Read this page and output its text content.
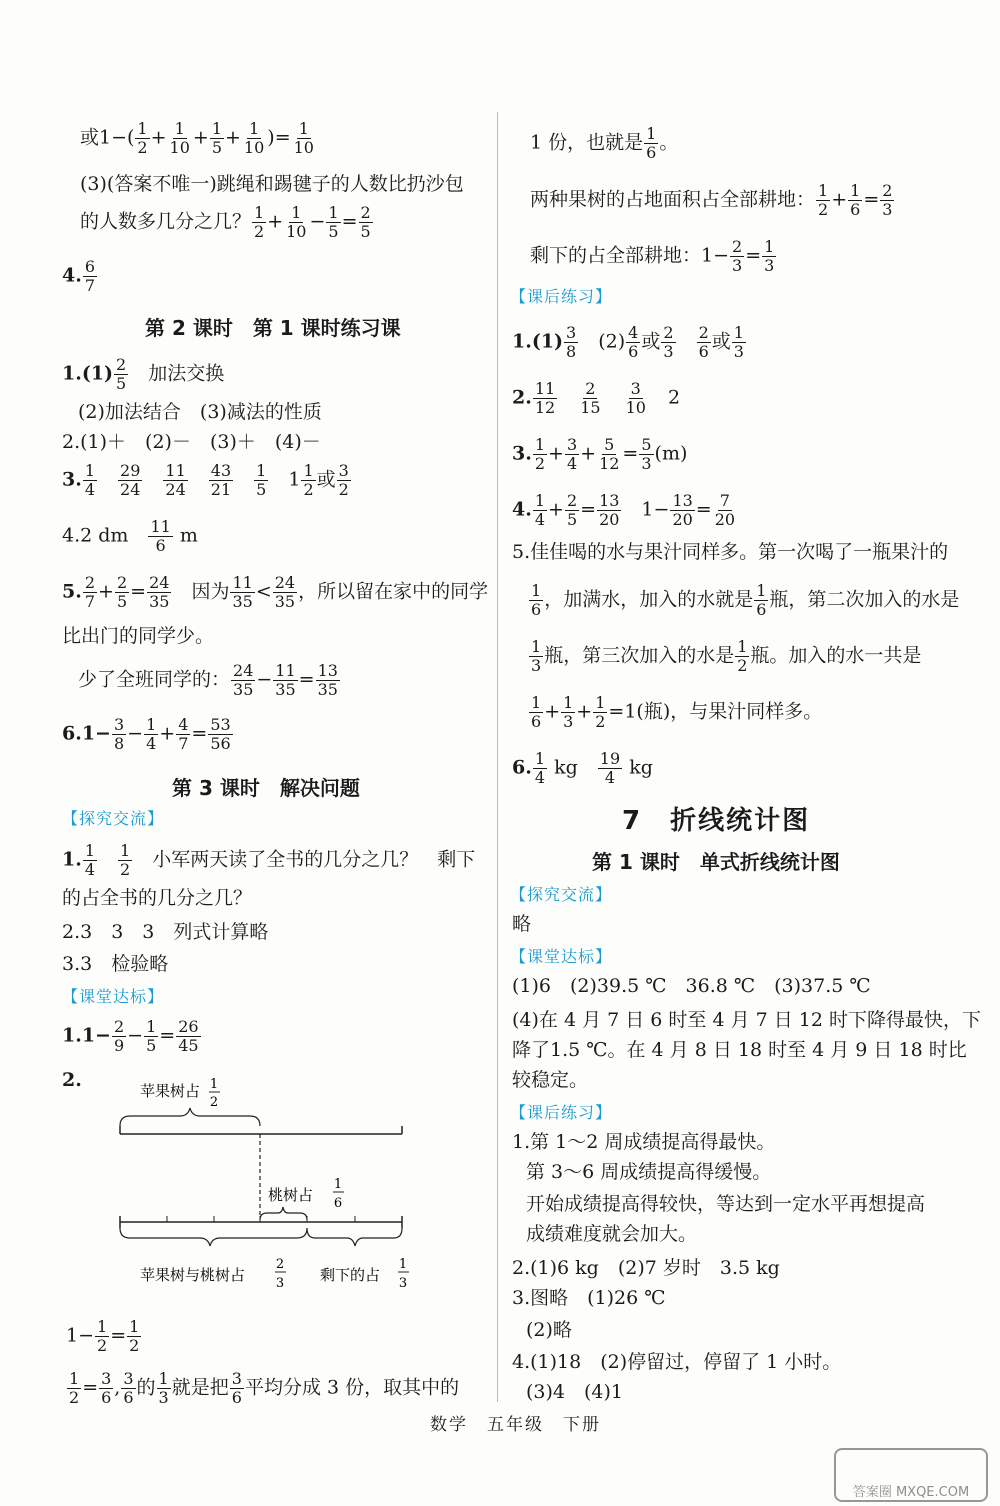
或$1-( \frac{1}{2} + \frac{1}{10} + \frac{1}{5} + \frac{1}{10}$ )= $\frac{1}{10}$
(3)(答案不唯一)跳绳和踢毽子的人数比扔沙包
的人数多几分之几？ $\frac{1}{2} + \frac{1}{10} - \frac{1}{5} = \frac{2}{5}$
4. $\frac{6}{7}$
第 2 课时　第 1 课时练习课
$1.(1) \frac{2}{5}$
　 加法交换
(2)加法结合　(3)减法的性质
2.(1)＋　(2)－　(3)＋　(4)－
3. $\frac{1}{4}$
　 $\frac{29}{24}$
　 $\frac{11}{24}$
　 $\frac{43}{21}$
　 $\frac{1}{5}$ 　$1 \frac{1}{2}$ 或 $\frac{3}{2}$
4.2 dm　 $\frac{11}{6}$ m
5. $\frac{2}{7} + \frac{2}{5} = \frac{24}{35}$
　 因为 $\frac{11}{35} < \frac{24}{35}$ ，所以留在家中的同学
比出门的同学少。
少了全班同学的： $\frac{24}{35} - \frac{11}{35} = \frac{13}{35}$
$6.1- \frac{3}{8} - \frac{1}{4} + \frac{4}{7} = \frac{53}{56}$
第 3 课时　解决问题
【探究交流】
1. $\frac{1}{4}$
　 $\frac{1}{2}$
　 小军两天读了全书的几分之几？　剩下
的占全书的几分之几？
2.3　3　3　列式计算略
3.3　检验略
【课堂达标】
$1.1- \frac{2}{9} - \frac{1}{5} = \frac{26}{45}$
2.	苹果树占 1
2
桃树占
1
6
苹果树与桃树占
2
3 剩下的占
1
3
$1- \frac{1}{2} = \frac{1}{2}$
$\frac{1}{2} = \frac{3}{6}$ , $\frac{3}{6}$ 的 $\frac{1}{3}$ 就是把 $\frac{3}{6}$ 平均分成 3 份，取其中的
1 份，也就是 $\frac{1}{6}$ 。
两种果树的占地面积占全部耕地： $\frac{1}{2} + \frac{1}{6} = \frac{2}{3}$
剩下的占全部耕地：$1- \frac{2}{3} = \frac{1}{3}$
【课后练习】
$1.(1) \frac{3}{8}$
　 $(2) \frac{4}{6}$ 或 $\frac{2}{3}$
　 $\frac{2}{6}$ 或 $\frac{1}{3}$
2. $\frac{11}{12}$
　 $\frac{2}{15}$
　 $\frac{3}{10}$
　 2
3. $\frac{1}{2} + \frac{3}{4} + \frac{5}{12} = \frac{5}{3} (m)$
4. $\frac{1}{4} + \frac{2}{5} = \frac{13}{20}$ 　$1- \frac{13}{20} = \frac{7}{20}$
5.佳佳喝的水与果汁同样多。第一次喝了一瓶果汁的
$\frac{1}{6}$ ，加满水，加入的水就是 $\frac{1}{6}$ 瓶，第二次加入的水是
$\frac{1}{3}$ 瓶，第三次加入的水是 $\frac{1}{2}$ 瓶。加入的水一共是
$\frac{1}{6} + \frac{1}{3} + \frac{1}{2} =1$(瓶)，与果汁同样多。
6. $\frac{1}{4}$ kg　 $\frac{19}{4}$ kg
7　折线统计图
第 1 课时　单式折线统计图
【探究交流】
略
【课堂达标】
(1)6　(2)39.5 ℃　36.8 ℃　(3)37.5 ℃
(4)在 4 月 7 日 6 时至 4 月 7 日 12 时下降得最快，下
降了1.5 ℃。在 4 月 8 日 18 时至 4 月 9 日 18 时比
较稳定。
【课后练习】
1.第 1～2 周成绩提高得最快。
第 3～6 周成绩提高得缓慢。
开始成绩提高得较快，等达到一定水平再想提高
成绩难度就会加大。
2.(1)6 kg　(2)7 岁时　3.5 kg
3.图略　(1)26 ℃
(2)略
4.(1)18　(2)停留过，停留了 1 小时。
(3)4　(4)1
数学　五年级　下册
答案圈 MXQE.COM
